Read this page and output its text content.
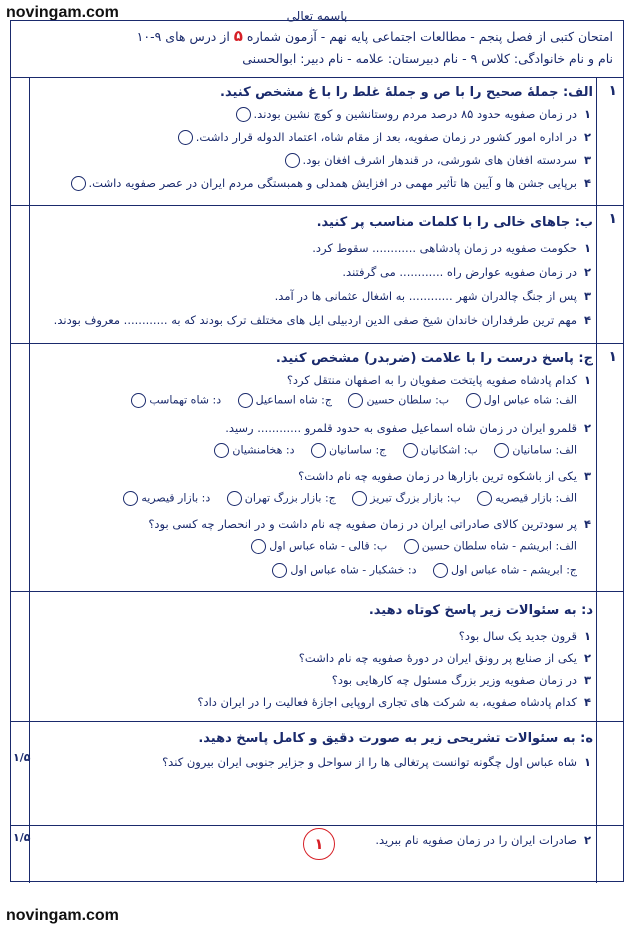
novingam.com	باسمه تعالی
امتحان کتبی از فصل پنجم - مطالعات اجتماعی پایه نهم - آزمون شماره ۵ از درس های ۹-۱۰
نام و نام خانوادگی: کلاس ۹ - نام دبیرستان: علامه - نام دبیر: ابوالحسنی
۱
الف: جملهٔ صحیح را با ص و جملهٔ غلط را با غ مشخص کنید.
۱در زمان صفویه حدود ۸۵ درصد مردم روستانشین و کوچ نشین بودند.
۲در اداره امور کشور در زمان صفویه، بعد از مقام شاه، اعتماد الدوله قرار داشت.
۳سردسته افغان های شورشی، در قندهار اشرف افغان بود.
۴برپایی جشن ها و آیین ها تأثیر مهمی در افزایش همدلی و همبستگی مردم ایران در عصر صفویه داشت.
۱
ب: جاهای خالی را با کلمات مناسب پر کنید.
۱حکومت صفویه در زمان پادشاهی ............ سقوط کرد.
۲در زمان صفویه عوارض راه ............ می گرفتند.
۳پس از جنگ چالدران شهر ............ به اشغال عثمانی ها در آمد.
۴مهم ترین طرفداران خاندان شیخ صفی الدین اردبیلی ایل های مختلف ترک بودند که به ............ معروف بودند.
۱
ج: پاسخ درست را با علامت (ضربدر) مشخص کنید.
۱کدام پادشاه صفویه پایتخت صفویان را به اصفهان منتقل کرد؟
الف: شاه عباس اول ب: سلطان حسین ج: شاه اسماعیل د: شاه تهماسب
۲قلمرو ایران در زمان شاه اسماعیل صفوی به حدود قلمرو ............ رسید.
الف: سامانیان ب: اشکانیان ج: ساسانیان د: هخامنشیان
۳یکی از باشکوه ترین بازارها در زمان صفویه چه نام داشت؟
الف: بازار قیصریه ب: بازار بزرگ تبریز ج: بازار بزرگ تهران د: بازار قیصریه
۴پر سودترین کالای صادراتی ایران در زمان صفویه چه نام داشت و در انحصار چه کسی بود؟
الف: ابریشم - شاه سلطان حسین ب: قالی - شاه عباس اول
ج: ابریشم - شاه عباس اول د: خشکبار - شاه عباس اول
د: به سئوالات زیر پاسخ کوتاه دهید.
۱قرون جدید یک سال بود؟
۲یکی از صنایع پر رونق ایران در دورهٔ صفویه چه نام داشت؟
۳در زمان صفویه وزیر بزرگ مسئول چه کارهایی بود؟
۴کدام پادشاه صفویه، به شرکت های تجاری اروپایی اجازهٔ فعالیت را در ایران داد؟
۱/۵
ه: به سئوالات تشریحی زیر به صورت دقیق و کامل پاسخ دهید.
۱شاه عباس اول چگونه توانست پرتغالی ها را از سواحل و جزایر جنوبی ایران بیرون کند؟
۱/۵	۲صادرات ایران را در زمان صفویه نام ببرید.
۱
novingam.com
